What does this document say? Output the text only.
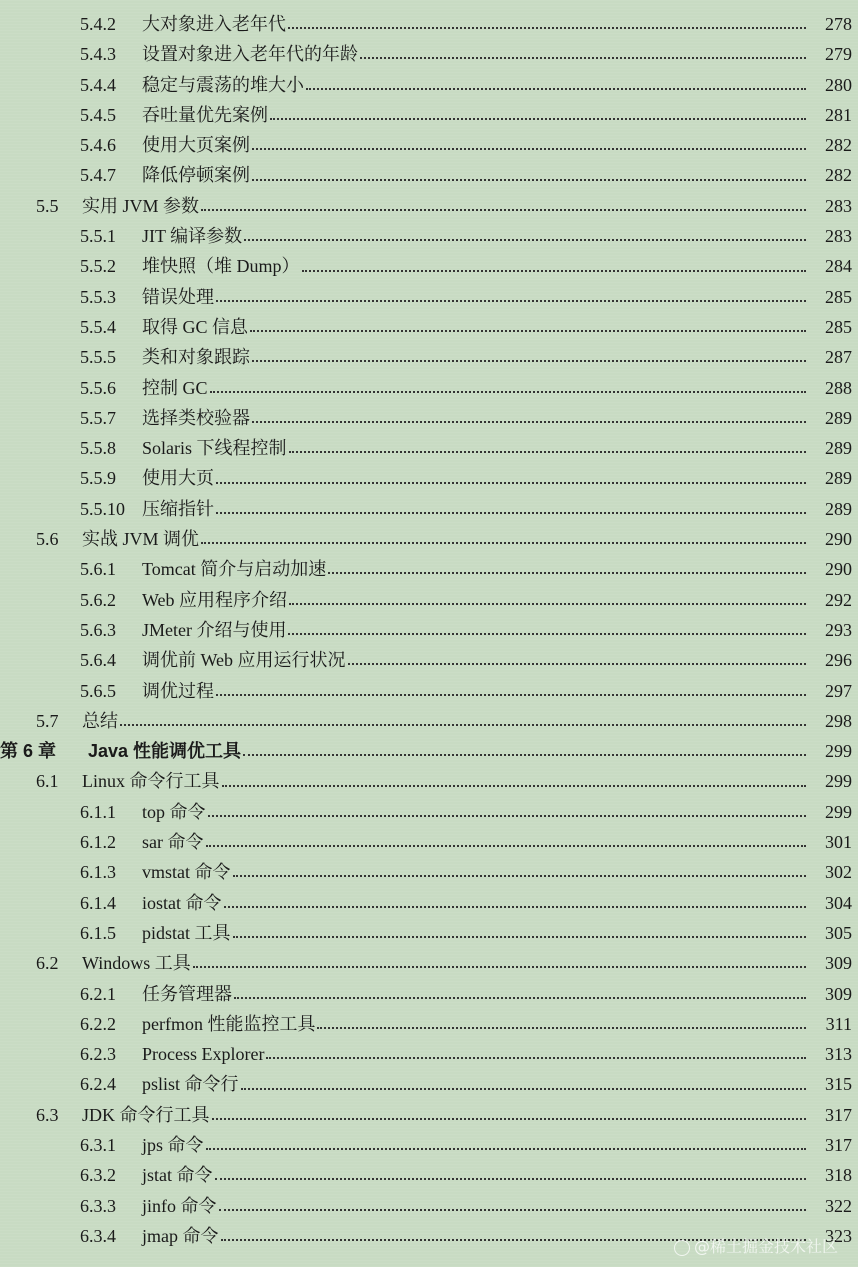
5.4.2	大对象进入老年代	278
5.4.3	设置对象进入老年代的年龄	279
5.4.4	稳定与震荡的堆大小	280
5.4.5	吞吐量优先案例	281
5.4.6	使用大页案例	282
5.4.7	降低停顿案例	282
5.5	实用 JVM 参数	283
5.5.1	JIT 编译参数	283
5.5.2	堆快照（堆 Dump）	284
5.5.3	错误处理	285
5.5.4	取得 GC 信息	285
5.5.5	类和对象跟踪	287
5.5.6	控制 GC	288
5.5.7	选择类校验器	289
5.5.8	Solaris 下线程控制	289
5.5.9	使用大页	289
5.5.10 压缩指针	289
5.6	实战 JVM 调优	290
5.6.1	Tomcat 简介与启动加速	290
5.6.2	Web 应用程序介绍	292
5.6.3	JMeter 介绍与使用	293
5.6.4	调优前 Web 应用运行状况	296
5.6.5	调优过程	297
5.7	总结	298
第 6 章	Java 性能调优工具	299
6.1	Linux 命令行工具	299
6.1.1	top 命令	299
6.1.2	sar 命令	301
6.1.3	vmstat 命令	302
6.1.4	iostat 命令	304
6.1.5	pidstat 工具	305
6.2	Windows 工具	309
6.2.1	任务管理器	309
6.2.2	perfmon 性能监控工具	311
6.2.3	Process Explorer	313
6.2.4	pslist 命令行	315
6.3	JDK 命令行工具	317
6.3.1	jps 命令	317
6.3.2	jstat 命令	318
6.3.3	jinfo 命令	322
6.3.4	jmap 命令	323
@稀土掘金技术社区
